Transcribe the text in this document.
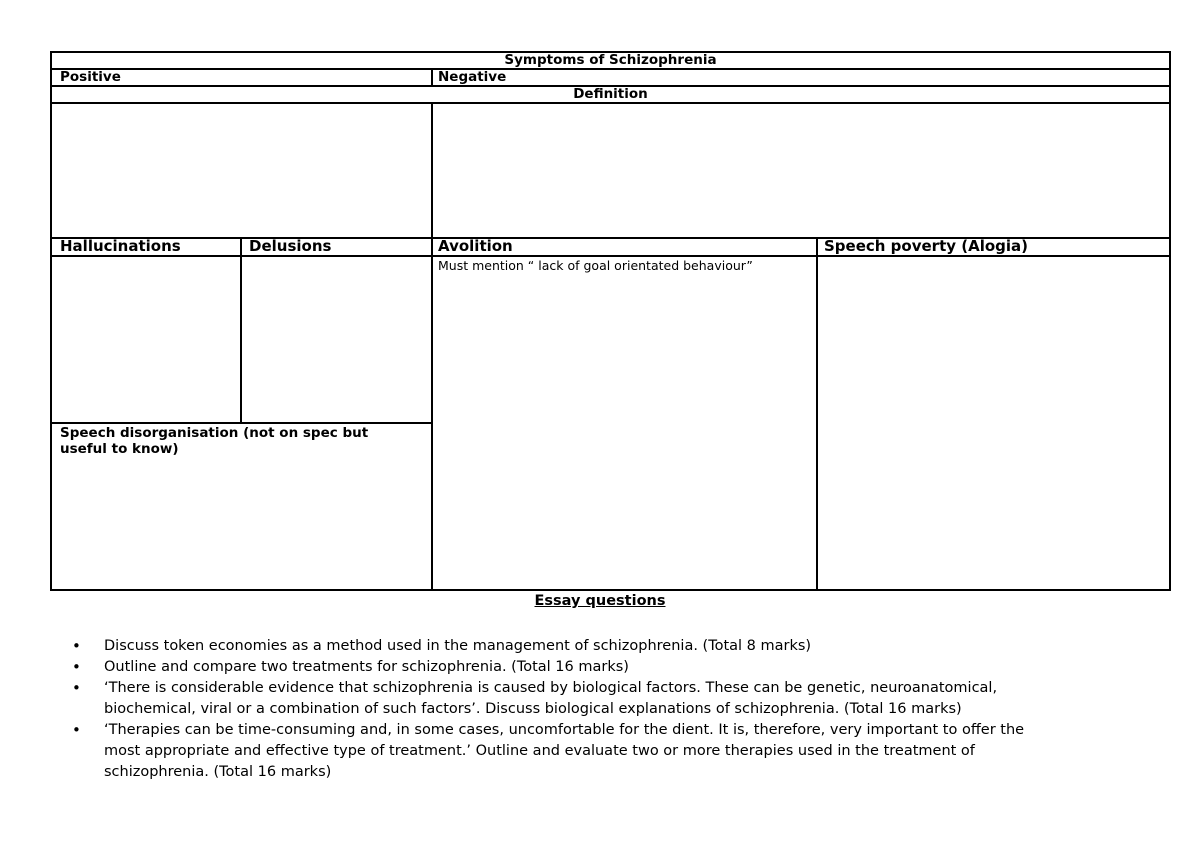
Symptoms of Schizophrenia
Positive	Negative
Definition
Hallucinations	Delusions	Avolition	Speech poverty (Alogia)
Must mention “ lack of goal orientated behaviour”
Speech disorganisation (not on spec but
useful to know)
Essay questions
• Discuss token economies as a method used in the management of schizophrenia. (Total 8 marks)
• Outline and compare two treatments for schizophrenia. (Total 16 marks)
• ‘There is considerable evidence that schizophrenia is caused by biological factors. These can be genetic, neuroanatomical,
biochemical, viral or a combination of such factors’. Discuss biological explanations of schizophrenia. (Total 16 marks)
• ‘Therapies can be time-consuming and, in some cases, uncomfortable for the dient. It is, therefore, very important to offer the
most appropriate and effective type of treatment.’ Outline and evaluate two or more therapies used in the treatment of
schizophrenia. (Total 16 marks)
